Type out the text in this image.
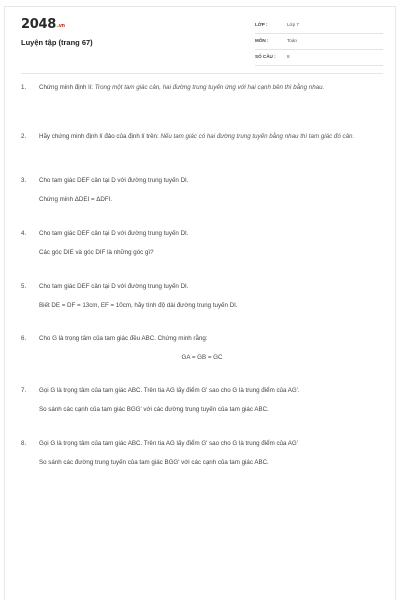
2048.vn
Luyện tập (trang 67)
LỚP :	Lớp 7
MÔN :	Toán
SỐ CÂU : 8
1. Chứng minh định lí: Trong một tam giác cân, hai đường trung tuyến ứng với hai cạnh bên thì bằng nhau.
2. Hãy chứng minh định lí đảo của định lí trên: Nếu tam giác có hai đường trung tuyến bằng nhau thì tam giác đó cân.
3. Cho tam giác DEF cân tại D với đường trung tuyến DI.
Chứng minh ΔDEI = ΔDFI.
4. Cho tam giác DEF cân tại D với đường trung tuyến DI.
Các góc DIE và góc DIF là những góc gì?
5. Cho tam giác DEF cân tại D với đường trung tuyến DI.
Biết DE = DF = 13cm, EF = 10cm, hãy tính độ dài đường trung tuyến DI.
6. Cho G là trọng tâm của tam giác đều ABC. Chứng minh rằng:
GA = GB = GC
7. Gọi G là trọng tâm của tam giác ABC. Trên tia AG lấy điểm G' sao cho G là trung điểm của AG'.
So sánh các cạnh của tam giác BGG' với các đường trung tuyến của tam giác ABC.
8. Gọi G là trọng tâm của tam giác ABC. Trên tia AG lấy điểm G' sao cho G là trung điểm của AG'
So sánh các đường trung tuyến của tam giác BGG' với các cạnh của tam giác ABC.
